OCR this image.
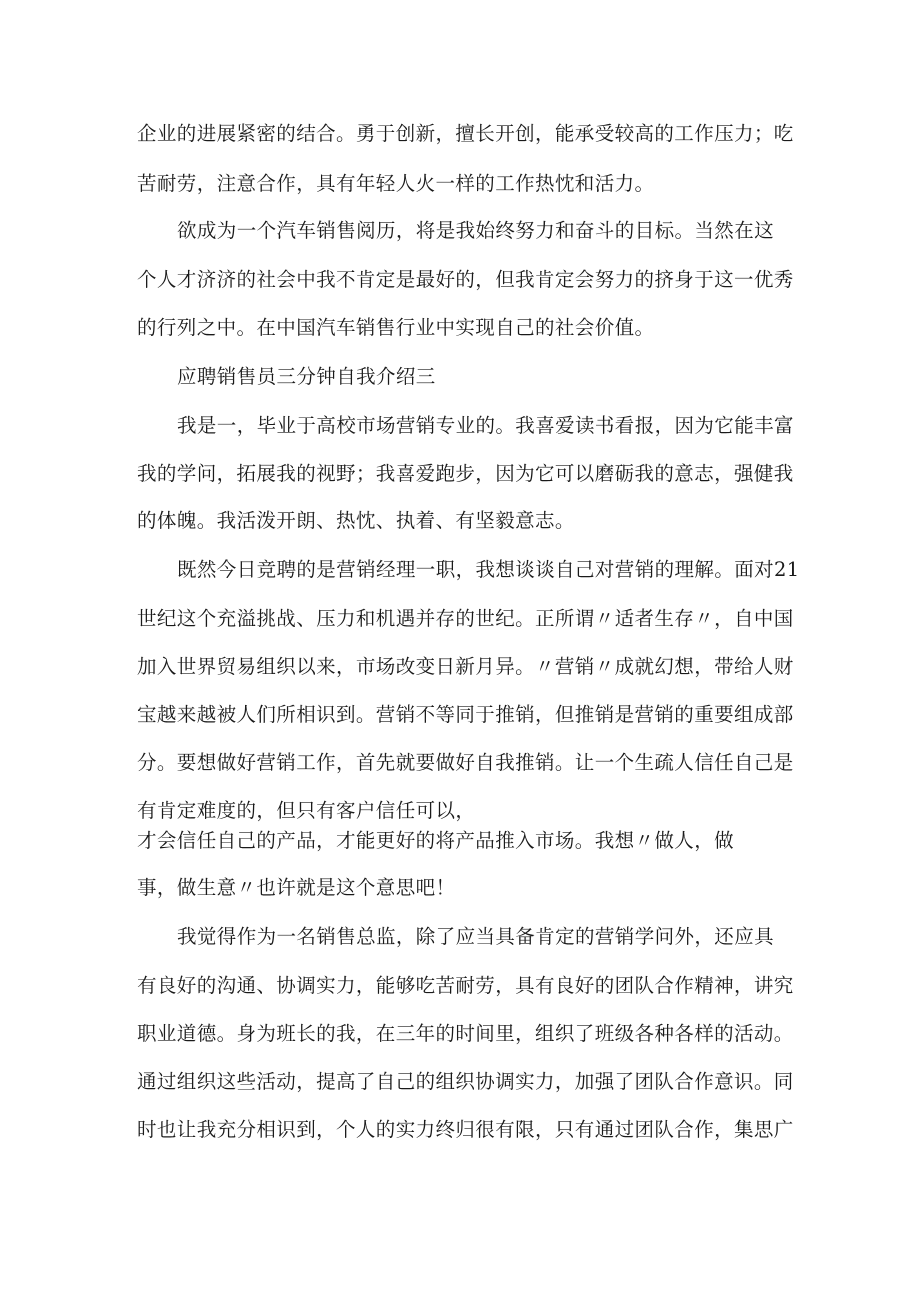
企业的进展紧密的结合。勇于创新，擅长开创，能承受较高的工作压力；吃
苦耐劳，注意合作，具有年轻人火一样的工作热忱和活力。
欲成为一个汽车销售阅历，将是我始终努力和奋斗的目标。当然在这
个人才济济的社会中我不肯定是最好的，但我肯定会努力的挤身于这一优秀
的行列之中。在中国汽车销售行业中实现自己的社会价值。
应聘销售员三分钟自我介绍三
我是一，毕业于高校市场营销专业的。我喜爱读书看报，因为它能丰富
我的学问，拓展我的视野；我喜爱跑步，因为它可以磨砺我的意志，强健我
的体魄。我活泼开朗、热忱、执着、有坚毅意志。
既然今日竞聘的是营销经理一职，我想谈谈自己对营销的理解。面对21
世纪这个充溢挑战、压力和机遇并存的世纪。正所谓〃适者生存〃，自中国
加入世界贸易组织以来，市场改变日新月异。〃营销〃成就幻想，带给人财
宝越来越被人们所相识到。营销不等同于推销，但推销是营销的重要组成部
分。要想做好营销工作，首先就要做好自我推销。让一个生疏人信任自己是
有肯定难度的，但只有客户信任可以，
才会信任自己的产品，才能更好的将产品推入市场。我想〃做人，做
事，做生意〃也许就是这个意思吧！
我觉得作为一名销售总监，除了应当具备肯定的营销学问外，还应具
有良好的沟通、协调实力，能够吃苦耐劳，具有良好的团队合作精神，讲究
职业道德。身为班长的我，在三年的时间里，组织了班级各种各样的活动。
通过组织这些活动，提高了自己的组织协调实力，加强了团队合作意识。同
时也让我充分相识到，个人的实力终归很有限，只有通过团队合作，集思广
